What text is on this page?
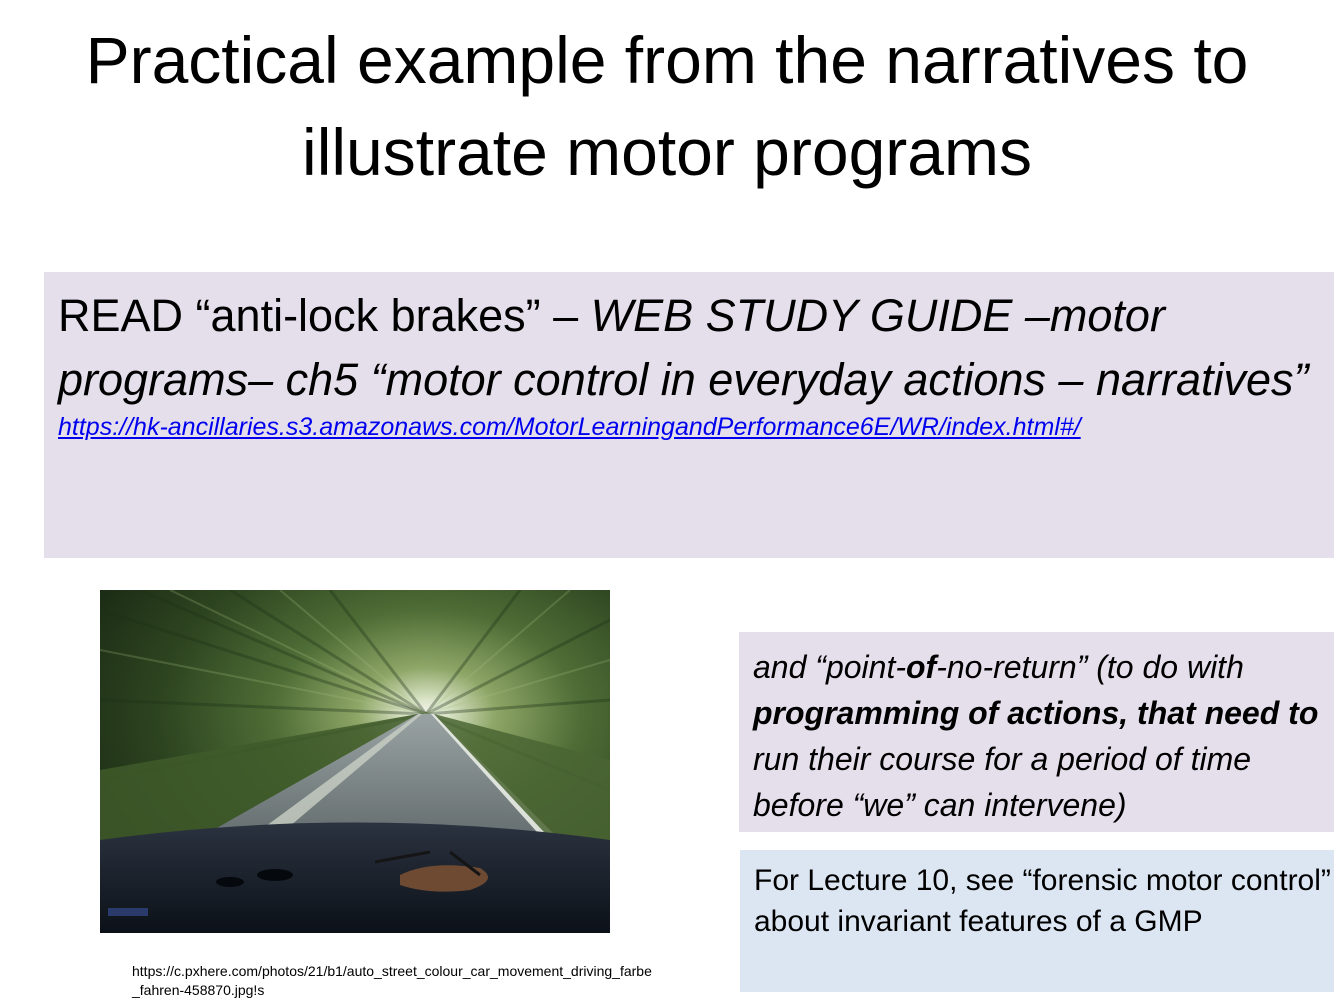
Practical example from the narratives to
illustrate motor programs

READ “anti-lock brakes” – WEB STUDY GUIDE –motor programs– ch5 “motor control in everyday actions – narratives”

https://hk-ancillaries.s3.amazonaws.com/MotorLearningandPerformance6E/WR/index.html#/
https://c.pxhere.com/photos/21/b1/auto_street_colour_car_movement_driving_farbe_fahren-458870.jpg!s
and “point-of-no-return” (to do with programming of actions, that need to run their course for a period of time before “we” can intervene)
For Lecture 10, see “forensic motor control” about invariant features of a GMP
